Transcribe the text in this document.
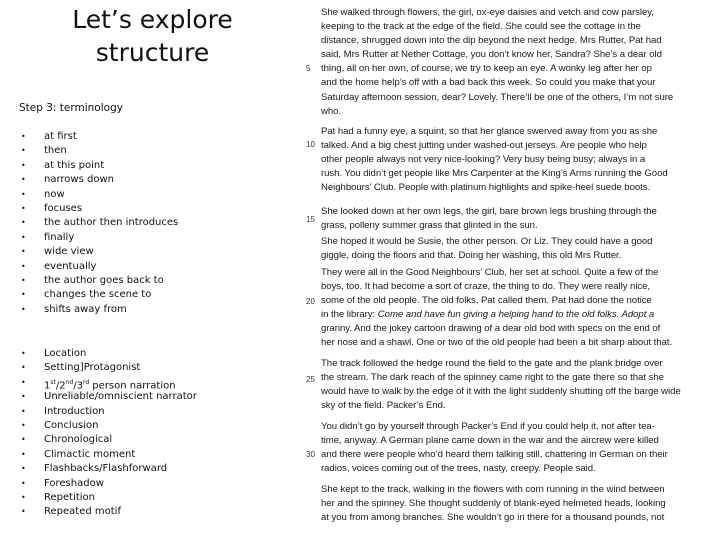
Let’s explore
structure
Step 3: terminology
• at first
• then
• at this point
• narrows down
• now
• focuses
• the author then introduces
• finally
• wide view
• eventually
• the author goes back to
• changes the scene to
• shifts away from
• Location
• Setting]Protagonist
• 1st/2nd/3rd person narration
• Unreliable/omniscient narrator
• Introduction
• Conclusion
• Chronological
• Climactic moment
• Flashbacks/Flashforward
• Foreshadow
• Repetition
• Repeated motif
She walked through flowers, the girl, ox-eye daisies and vetch and cow parsley,
keeping to the track at the edge of the field. She could see the cottage in the
distance, shrugged down into the dip beyond the next hedge. Mrs Rutter, Pat had
said, Mrs Rutter at Nether Cottage, you don’t know her, Sandra? She’s a dear old
thing, all on her own, of course, we try to keep an eye. A wonky leg after her op
and the home help’s off with a bad back this week. So could you make that your
Saturday afternoon session, dear? Lovely. There’ll be one of the others, I’m not sure
who.
Pat had a funny eye, a squint, so that her glance swerved away from you as she
talked. And a big chest jutting under washed-out jerseys. Are people who help
other people always not very nice-looking? Very busy being busy; always in a
rush. You didn’t get people like Mrs Carpenter at the King’s Arms running the Good
Neighbours’ Club. People with platinum highlights and spike-heel suede boots.
She looked down at her own legs, the girl, bare brown legs brushing through the
grass, polleny summer grass that glinted in the sun.
She hoped it would be Susie, the other person. Or Liz. They could have a good
giggle, doing the floors and that. Doing her washing, this old Mrs Rutter.
They were all in the Good Neighbours’ Club, her set at school. Quite a few of the
boys, too. It had become a sort of craze, the thing to do. They were really nice,
some of the old people. The old folks, Pat called them. Pat had done the notice
in the library: Come and have fun giving a helping hand to the old folks. Adopt a
granny. And the jokey cartoon drawing of a dear old bod with specs on the end of
her nose and a shawl. One or two of the old people had been a bit sharp about that.
The track followed the hedge round the field to the gate and the plank bridge over
the stream. The dark reach of the spinney came right to the gate there so that she
would have to walk by the edge of it with the light suddenly shutting off the barge wide
sky of the field. Packer’s End.
You didn’t go by yourself through Packer’s End if you could help it, not after tea-
time, anyway. A German plane came down in the war and the aircrew were killed
and there were people who’d heard them talking still, chattering in German on their
radios, voices coming out of the trees, nasty, creepy. People said.
She kept to the track, walking in the flowers with corn running in the wind between
her and the spinney. She thought suddenly of blank-eyed helmeted heads, looking
at you from among branches. She wouldn’t go in there for a thousand pounds, not
5
10
15
20
25
30
